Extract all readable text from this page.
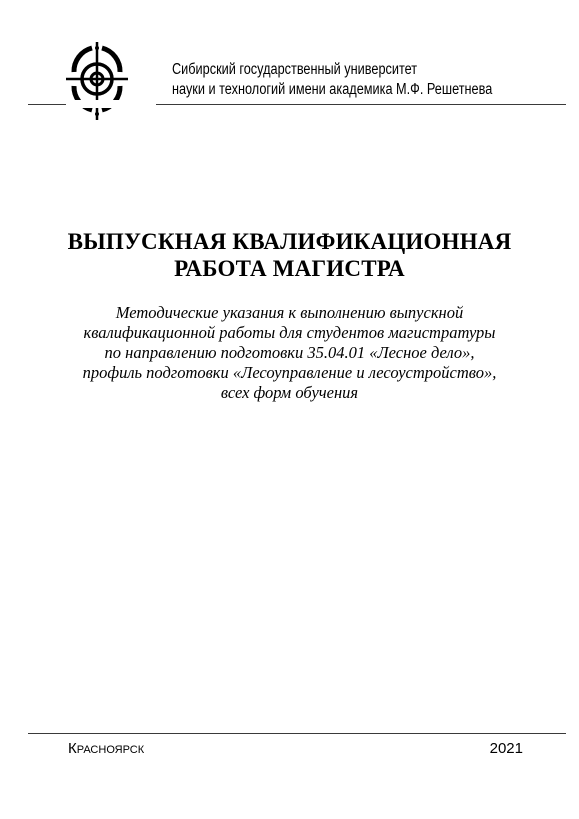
Сибирский государственный университет
науки и технологий имени академика М.Ф. Решетнева
ВЫПУСКНАЯ КВАЛИФИКАЦИОННАЯ
РАБОТА МАГИСТРА
Методические указания к выполнению выпускной
квалификационной работы для студентов магистратуры
по направлению подготовки 35.04.01 «Лесное дело»,
профиль подготовки «Лесоуправление и лесоустройство»,
всех форм обучения
Красноярск	2021
